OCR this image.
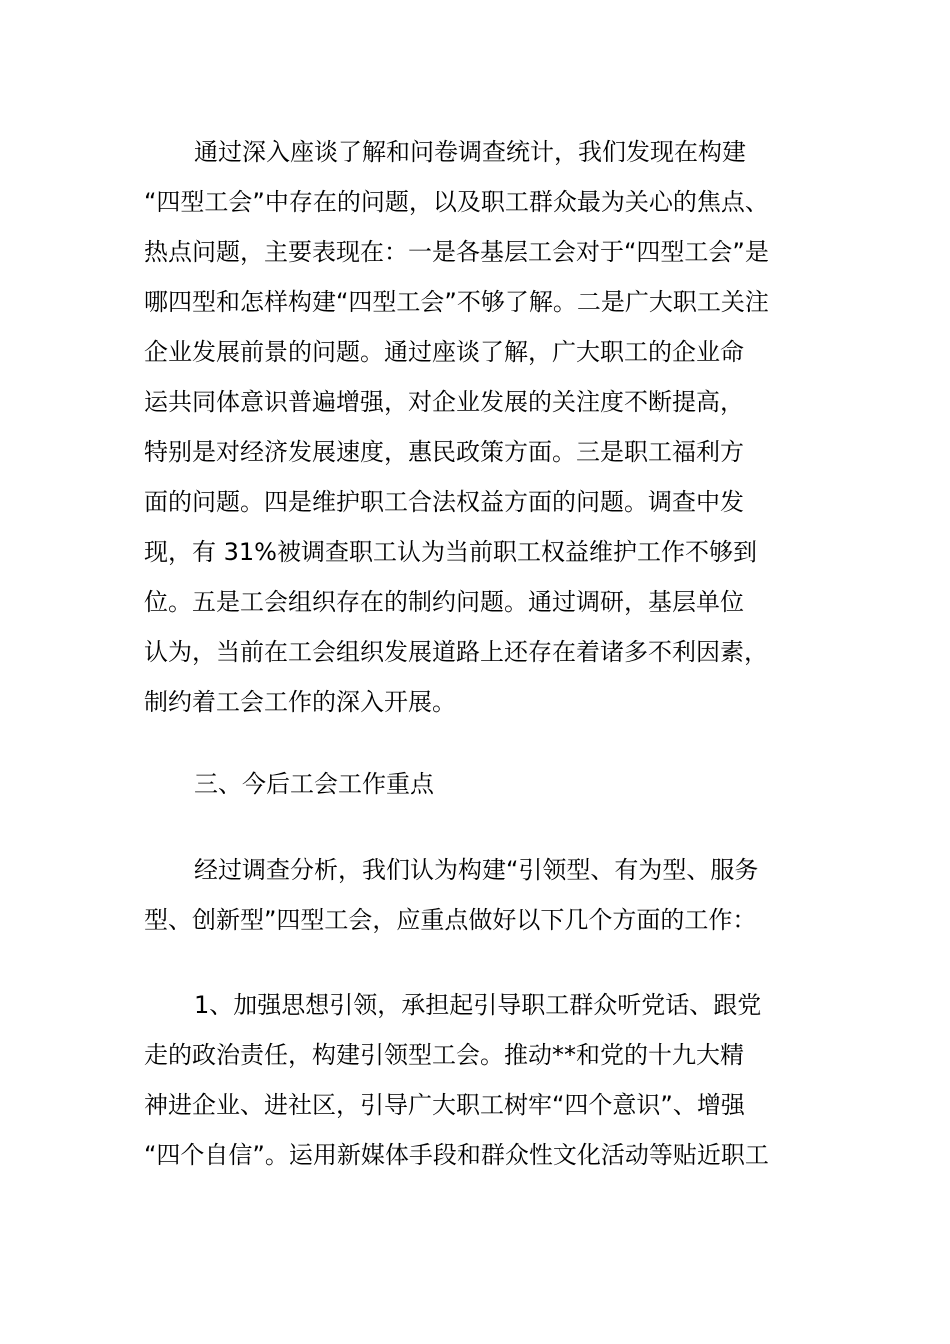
通过深入座谈了解和问卷调查统计，我们发现在构建
“四型工会”中存在的问题，以及职工群众最为关心的焦点、
热点问题，主要表现在：一是各基层工会对于“四型工会”是
哪四型和怎样构建“四型工会”不够了解。二是广大职工关注
企业发展前景的问题。通过座谈了解，广大职工的企业命
运共同体意识普遍增强，对企业发展的关注度不断提高，
特别是对经济发展速度，惠民政策方面。三是职工福利方
面的问题。四是维护职工合法权益方面的问题。调查中发
现，有 31%被调查职工认为当前职工权益维护工作不够到
位。五是工会组织存在的制约问题。通过调研，基层单位
认为，当前在工会组织发展道路上还存在着诸多不利因素，
制约着工会工作的深入开展。
三、今后工会工作重点
经过调查分析，我们认为构建“引领型、有为型、服务
型、创新型”四型工会，应重点做好以下几个方面的工作：
1、加强思想引领，承担起引导职工群众听党话、跟党
走的政治责任，构建引领型工会。推动**和党的十九大精
神进企业、进社区，引导广大职工树牢“四个意识”、增强
“四个自信”。运用新媒体手段和群众性文化活动等贴近职工
